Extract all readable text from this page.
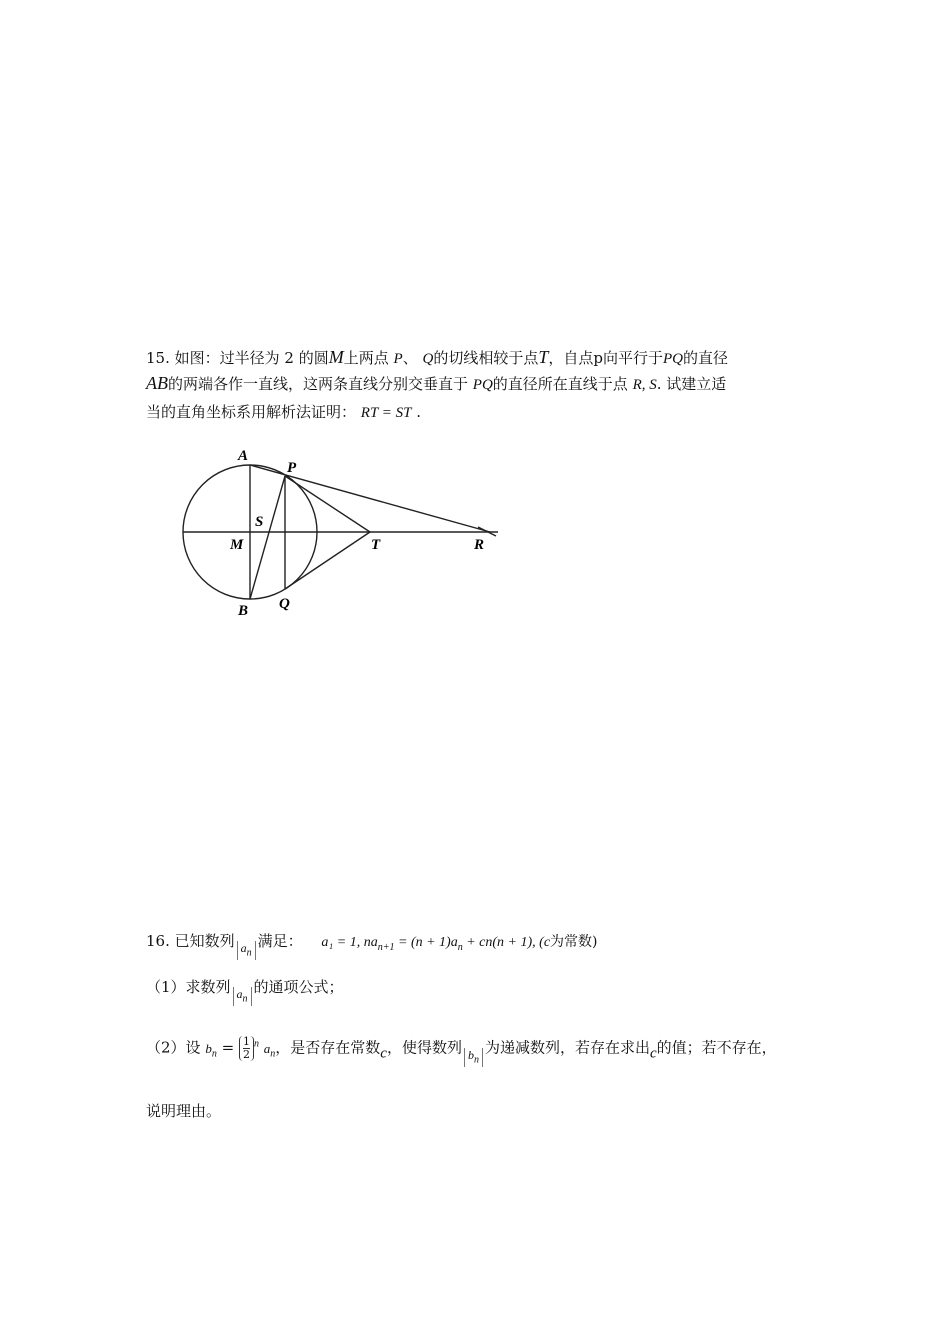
15. 如图：过半径为 2 的圆M上两点 P、 Q的切线相较于点T，自点p向平行于PQ的直径
AB的两端各作一直线，这两条直线分别交垂直于 PQ的直径所在直线于点 R, S. 试建立适
当的直角坐标系用解析法证明： RT = ST .
A
P
S
M	T	R
B Q
16. 已知数列 $a_n$满足： a₁ = 1, $na_{n+1} = (n + 1)a_n + cn(n + 1)$, (c为常数)
（1）求数列 $a_n$的通项公式；
（2）设 $b_n = \frac{1}{2} ^n$ $a_n$，是否存在常数c，使得数列 $b_n$为递减数列，若存在求出c的值；若不存在，
说明理由。
